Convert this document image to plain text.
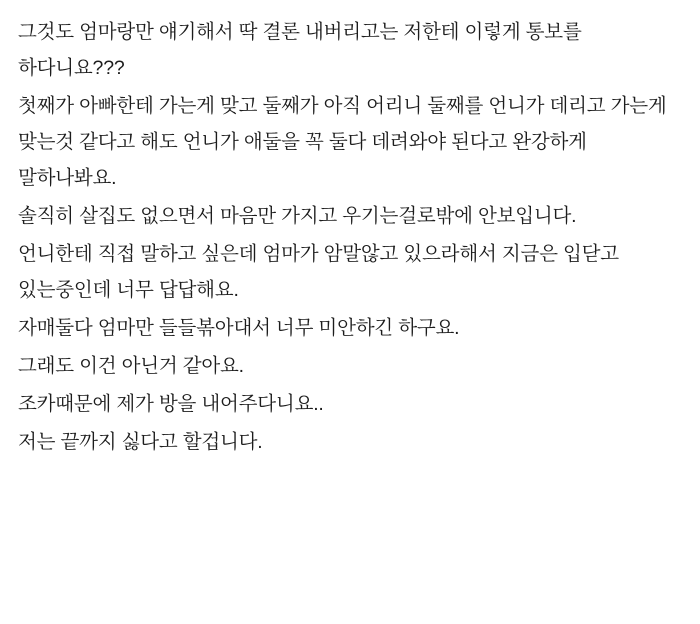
그것도 엄마랑만 얘기해서 딱 결론 내버리고는 저한테 이렇게 통보를 하다니요???

첫째가 아빠한테 가는게 맞고 둘째가 아직 어리니 둘째를 언니가 데리고 가는게 맞는것 같다고 해도 언니가 애둘을 꼭 둘다 데려와야 된다고 완강하게 말하나봐요.

솔직히 살집도 없으면서 마음만 가지고 우기는걸로밖에 안보입니다.

언니한테 직접 말하고 싶은데 엄마가 암말않고 있으라해서 지금은 입닫고 있는중인데 너무 답답해요.

자매둘다 엄마만 들들볶아대서 너무 미안하긴 하구요.

그래도 이건 아닌거 같아요.

조카때문에 제가 방을 내어주다니요..

저는 끝까지 싫다고 할겁니다.
